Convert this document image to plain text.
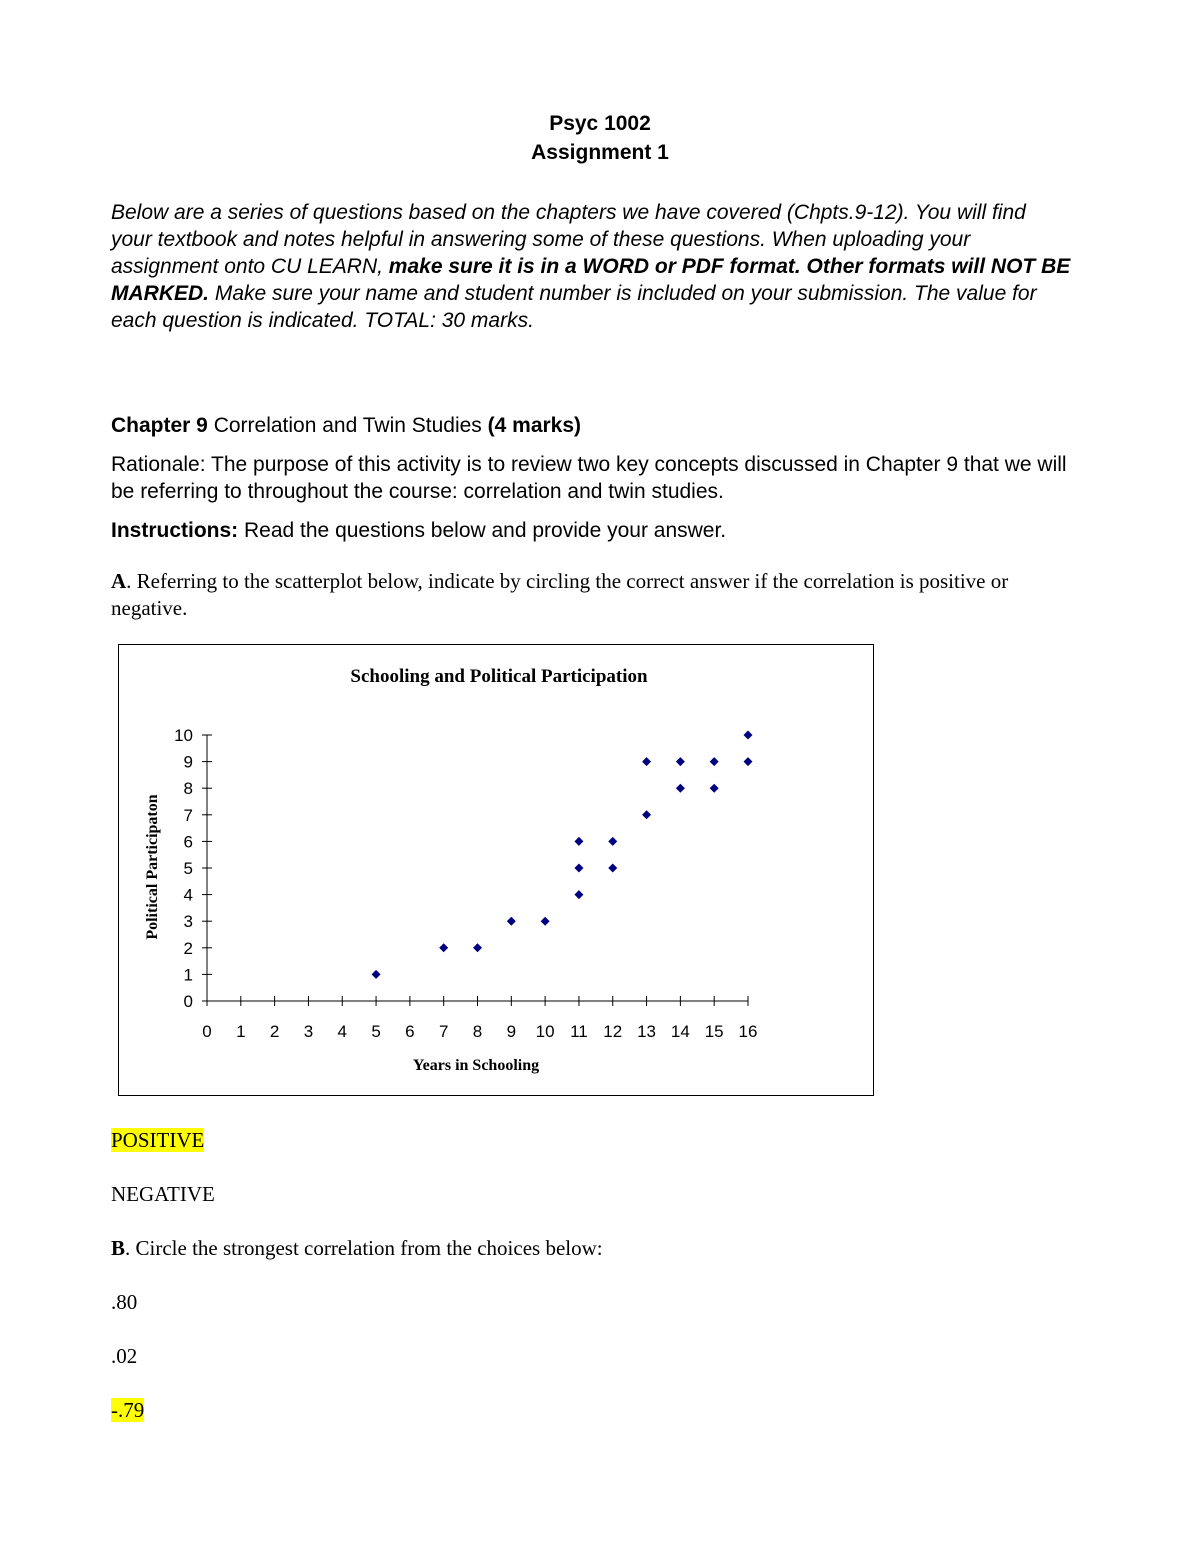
Psyc 1002
Assignment 1
Below are a series of questions based on the chapters we have covered (Chpts.9-12). You will find your textbook and notes helpful in answering some of these questions. When uploading your assignment onto CU LEARN, make sure it is in a WORD or PDF format. Other formats will NOT BE MARKED. Make sure your name and student number is included on your submission. The value for each question is indicated. TOTAL: 30 marks.
Chapter 9 Correlation and Twin Studies (4 marks)
Rationale: The purpose of this activity is to review two key concepts discussed in Chapter 9 that we will be referring to throughout the course: correlation and twin studies.
Instructions: Read the questions below and provide your answer.
A. Referring to the scatterplot below, indicate by circling the correct answer if the correlation is positive or negative.
Schooling and Political Participation
Political Participaton
Years in Schooling
0
1
2
3
4
5
6
7
8
9
10
0 1 2 3 4 5 6 7 8 9 10 11 12 13 14 15 16
POSITIVE
NEGATIVE
B. Circle the strongest correlation from the choices below:
.80
.02
-.79
